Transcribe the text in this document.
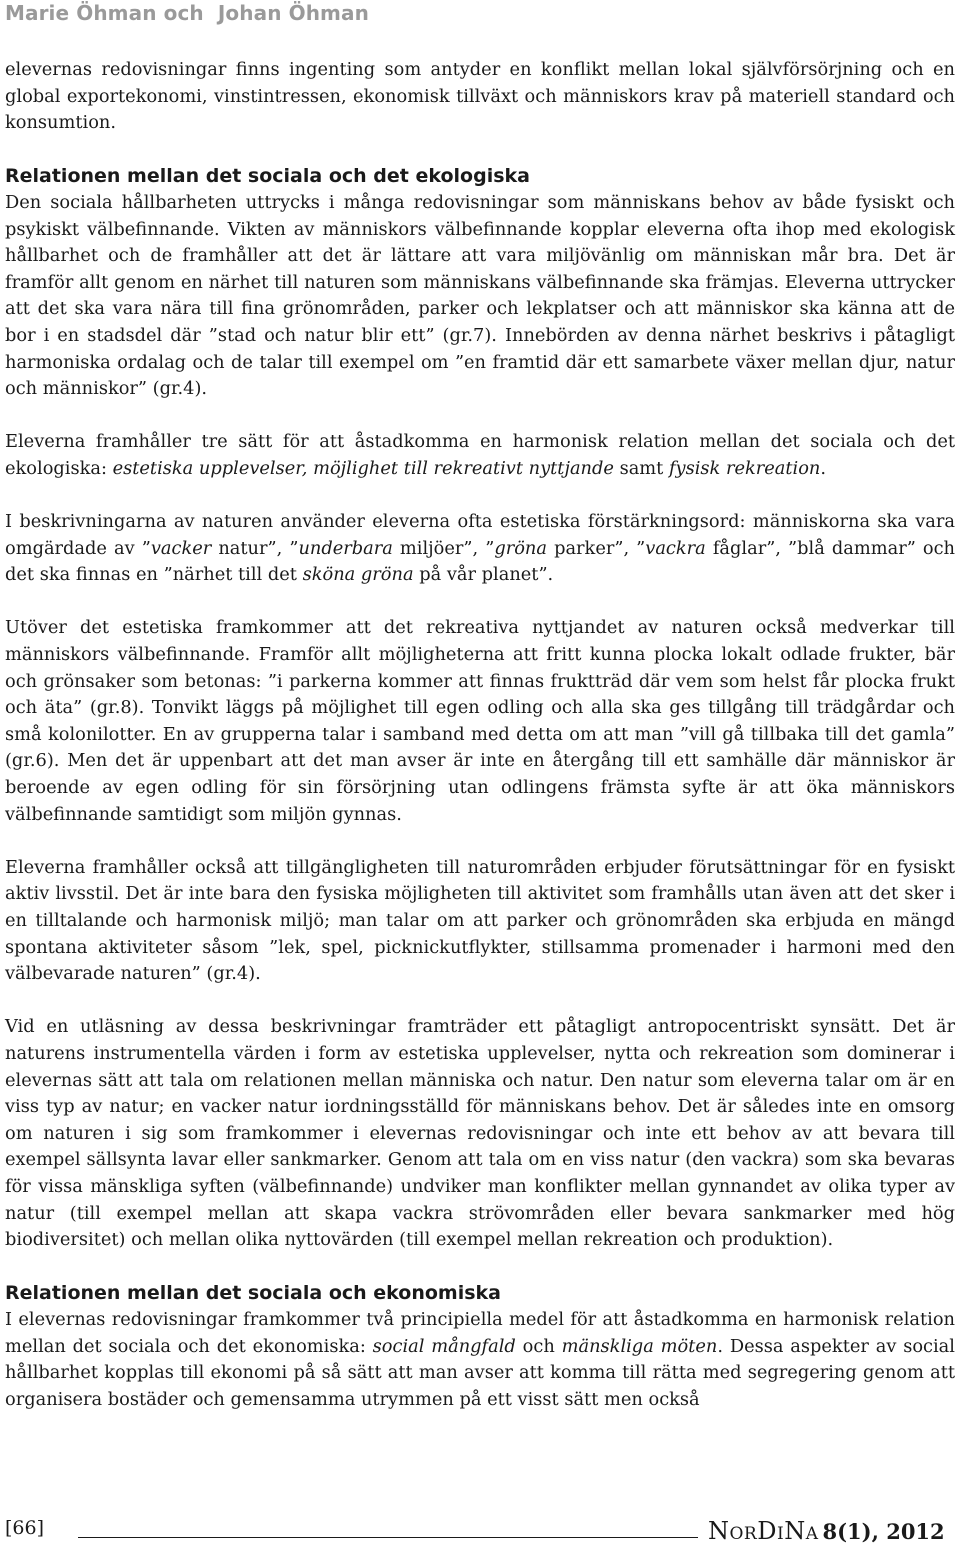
Marie Öhman och  Johan Öhman

elevernas redovisningar finns ingenting som antyder en konflikt mellan lokal självförsörjning och en global exportekonomi, vinstintressen, ekonomisk tillväxt och människors krav på materiell standard och konsumtion.

Relationen mellan det sociala och det ekologiska

Den sociala hållbarheten uttrycks i många redovisningar som människans behov av både fysiskt och psykiskt välbefinnande. Vikten av människors välbefinnande kopplar eleverna ofta ihop med ekologisk hållbarhet och de framhåller att det är lättare att vara miljövänlig om människan mår bra. Det är framför allt genom en närhet till naturen som människans välbefinnande ska främjas. Eleverna uttrycker att det ska vara nära till fina grönområden, parker och lekplatser och att människor ska känna att de bor i en stadsdel där ”stad och natur blir ett” (gr.7). Innebörden av denna närhet beskrivs i påtagligt harmoniska ordalag och de talar till exempel om ”en framtid där ett samarbete växer mellan djur, natur och människor” (gr.4).

Eleverna framhåller tre sätt för att åstadkomma en harmonisk relation mellan det sociala och det ekologiska: estetiska upplevelser, möjlighet till rekreativt nyttjande samt fysisk rekreation.

I beskrivningarna av naturen använder eleverna ofta estetiska förstärkningsord: människorna ska vara omgärdade av ”vacker natur”, ”underbara miljöer”, ”gröna parker”, ”vackra fåglar”, ”blå dammar” och det ska finnas en ”närhet till det sköna gröna på vår planet”.

Utöver det estetiska framkommer att det rekreativa nyttjandet av naturen också medverkar till människors välbefinnande. Framför allt möjligheterna att fritt kunna plocka lokalt odlade frukter, bär och grönsaker som betonas: ”i parkerna kommer att finnas fruktträd där vem som helst får plocka frukt och äta” (gr.8). Tonvikt läggs på möjlighet till egen odling och alla ska ges tillgång till trädgårdar och små kolonilotter. En av grupperna talar i samband med detta om att man ”vill gå tillbaka till det gamla” (gr.6). Men det är uppenbart att det man avser är inte en återgång till ett samhälle där människor är beroende av egen odling för sin försörjning utan odlingens främsta syfte är att öka människors välbefinnande samtidigt som miljön gynnas.

Eleverna framhåller också att tillgängligheten till naturområden erbjuder förutsättningar för en fysiskt aktiv livsstil. Det är inte bara den fysiska möjligheten till aktivitet som framhålls utan även att det sker i en tilltalande och harmonisk miljö; man talar om att parker och grönområden ska erbjuda en mängd spontana aktiviteter såsom ”lek, spel, picknickutflykter, stillsamma promenader i harmoni med den välbevarade naturen” (gr.4).

Vid en utläsning av dessa beskrivningar framträder ett påtagligt antropocentriskt synsätt. Det är naturens instrumentella värden i form av estetiska upplevelser, nytta och rekreation som dominerar i elevernas sätt att tala om relationen mellan människa och natur. Den natur som eleverna talar om är en viss typ av natur; en vacker natur iordningsställd för människans behov. Det är således inte en omsorg om naturen i sig som framkommer i elevernas redovisningar och inte ett behov av att bevara till exempel sällsynta lavar eller sankmarker. Genom att tala om en viss natur (den vackra) som ska bevaras för vissa mänskliga syften (välbefinnande) undviker man konflikter mellan gynnandet av olika typer av natur (till exempel mellan att skapa vackra strövområden eller bevara sankmarker med hög biodiversitet) och mellan olika nyttovärden (till exempel mellan rekreation och produktion).

Relationen mellan det sociala och ekonomiska

I elevernas redovisningar framkommer två principiella medel för att åstadkomma en harmonisk relation mellan det sociala och det ekonomiska: social mångfald och mänskliga möten. Dessa aspekter av social hållbarhet kopplas till ekonomi på så sätt att man avser att komma till rätta med segregering genom att organisera bostäder och gemensamma utrymmen på ett visst sätt men också

[66]	NorDiNa 8(1), 2012
